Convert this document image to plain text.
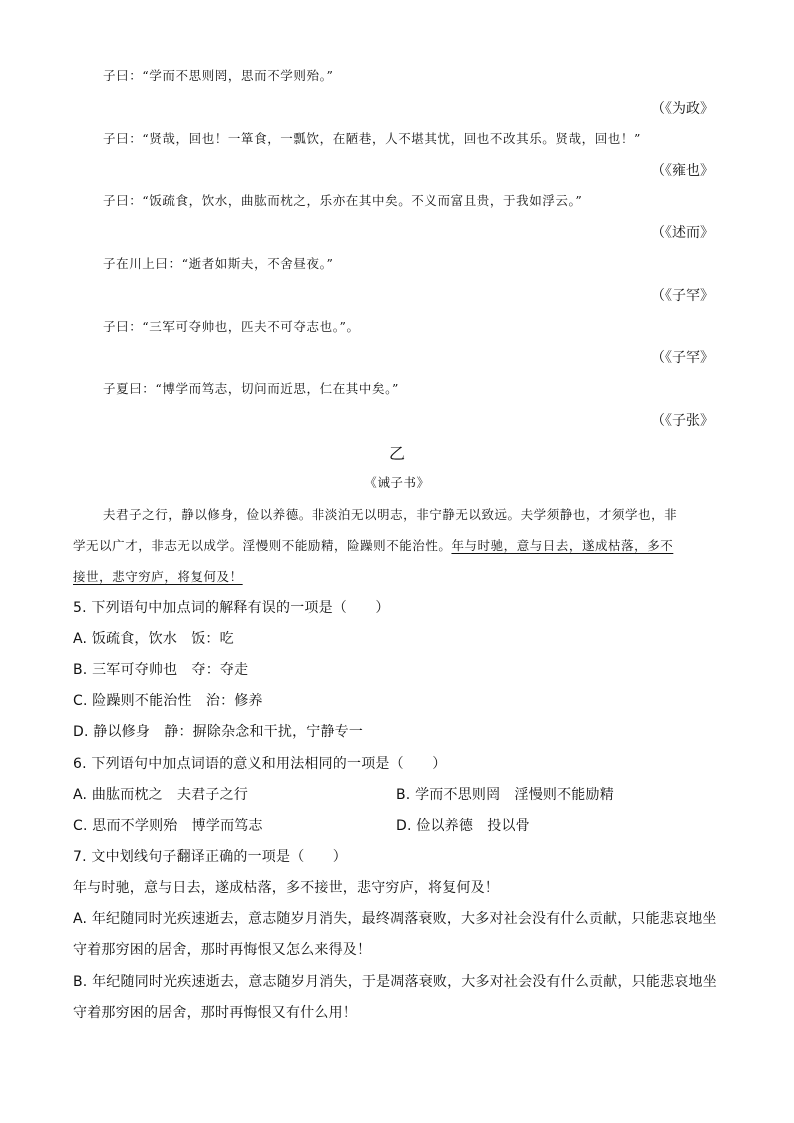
子曰：“学而不思则罔，思而不学则殆。”
（《为政》
子曰：“贤哉，回也！一箪食，一瓢饮，在陋巷，人不堪其忧，回也不改其乐。贤哉，回也！”
（《雍也》
子曰：“饭疏食，饮水，曲肱而枕之，乐亦在其中矣。不义而富且贵，于我如浮云。”
（《述而》
子在川上曰：“逝者如斯夫，不舍昼夜。”
（《子罕》
子曰：“三军可夺帅也，匹夫不可夺志也。”。
（《子罕》
子夏曰：“博学而笃志，切问而近思，仁在其中矣。”
（《子张》
乙
《诫子书》
夫君子之行，静以修身，俭以养德。非淡泊无以明志，非宁静无以致远。夫学须静也，才须学也，非
学无以广才，非志无以成学。淫慢则不能励精，险躁则不能治性。年与时驰，意与日去，遂成枯落，多不
接世，悲守穷庐，将复何及！
5. 下列语句中加点词的解释有误的一项是（　　）
A. 饭疏食，饮水　饭：吃
B. 三军可夺帅也　夺：夺走
C. 险躁则不能治性　治：修养
D. 静以修身　静：摒除杂念和干扰，宁静专一
6. 下列语句中加点词语的意义和用法相同的一项是（　　）
A. 曲肱而枕之　夫君子之行	B. 学而不思则罔　淫慢则不能励精
C. 思而不学则殆　博学而笃志	D. 俭以养德　投以骨
7. 文中划线句子翻译正确的一项是（　　）
年与时驰，意与日去，遂成枯落，多不接世，悲守穷庐，将复何及！
A. 年纪随同时光疾速逝去，意志随岁月消失，最终凋落衰败，大多对社会没有什么贡献，只能悲哀地坐
守着那穷困的居舍，那时再悔恨又怎么来得及！
B. 年纪随同时光疾速逝去，意志随岁月消失，于是凋落衰败，大多对社会没有什么贡献，只能悲哀地坐
守着那穷困的居舍，那时再悔恨又有什么用！
